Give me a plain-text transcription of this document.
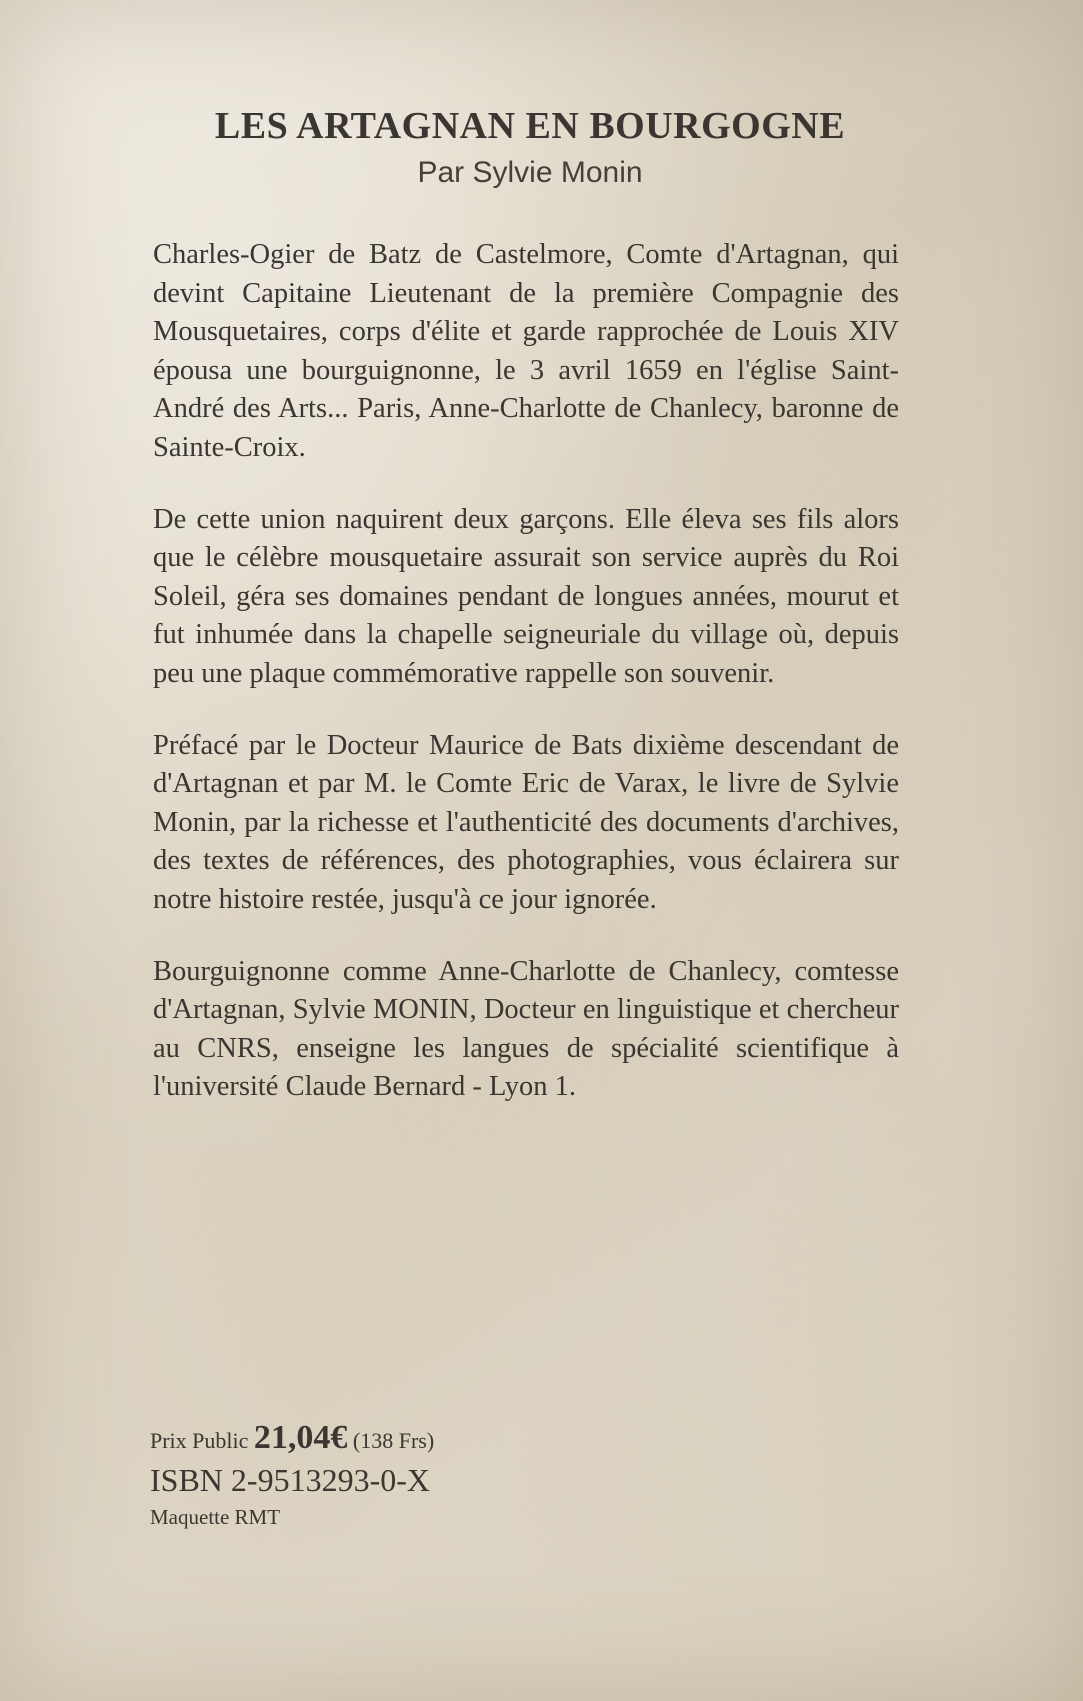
LES ARTAGNAN EN BOURGOGNE
Par Sylvie Monin

Charles-Ogier de Batz de Castelmore, Comte d'Artagnan, qui devint Capitaine Lieutenant de la première Compagnie des Mousquetaires, corps d'élite et garde rapprochée de Louis XIV épousa une bourguignonne, le 3 avril 1659 en l'église Saint-André des Arts... Paris, Anne-Charlotte de Chanlecy, baronne de Sainte-Croix.

De cette union naquirent deux garçons. Elle éleva ses fils alors que le célèbre mousquetaire assurait son service auprès du Roi Soleil, géra ses domaines pendant de longues années, mourut et fut inhumée dans la chapelle seigneuriale du village où, depuis peu une plaque commémorative rappelle son souvenir.

Préfacé par le Docteur Maurice de Bats dixième descendant de d'Artagnan et par M. le Comte Eric de Varax, le livre de Sylvie Monin, par la richesse et l'authenticité des documents d'archives, des textes de références, des photographies, vous éclairera sur notre histoire restée, jusqu'à ce jour ignorée.

Bourguignonne comme Anne-Charlotte de Chanlecy, comtesse d'Artagnan, Sylvie MONIN, Docteur en linguistique et chercheur au CNRS, enseigne les langues de spécialité scientifique à l'université Claude Bernard - Lyon 1.

Prix Public 21,04€ (138 Frs)
ISBN 2-9513293-0-X
Maquette RMT
